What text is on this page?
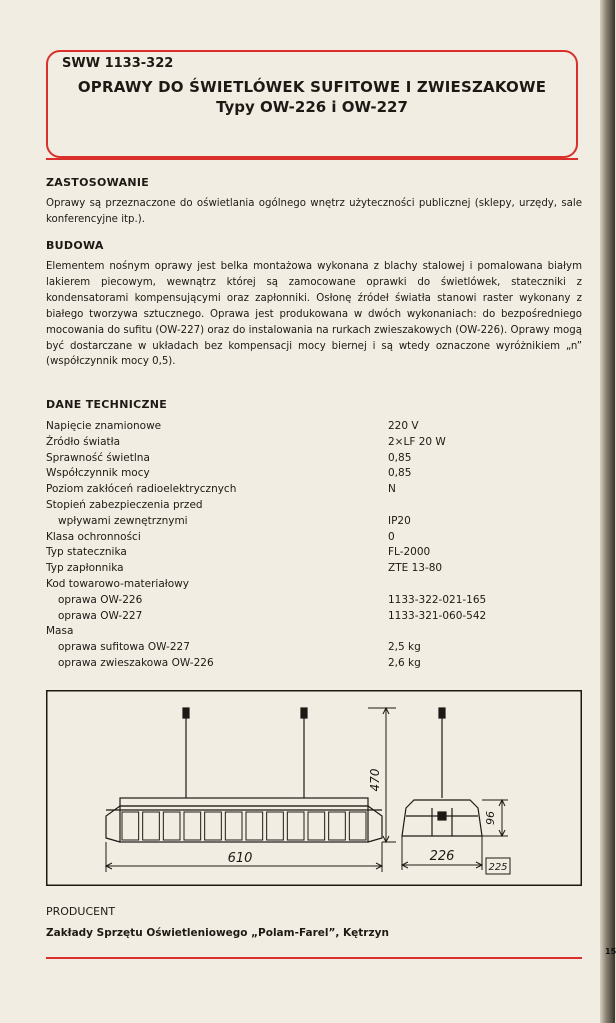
15
SWW 1133-322
OPRAWY DO ŚWIETLÓWEK SUFITOWE I ZWIESZAKOWE
Typy OW-226 i OW-227
ZASTOSOWANIE
Oprawy są przeznaczone do oświetlania ogólnego wnętrz użyteczności publicznej (sklepy, urzędy, sale konferencyjne itp.).
BUDOWA
Elementem nośnym oprawy jest belka montażowa wykonana z blachy stalowej i pomalowana białym lakierem piecowym, wewnątrz której są zamocowane oprawki do świetlówek, stateczniki z kondensatorami kompensującymi oraz zapłonniki. Osłonę źródeł światła stanowi raster wykonany z białego tworzywa sztucznego. Oprawa jest produkowana w dwóch wykonaniach: do bezpośredniego mocowania do sufitu (OW-227) oraz do instalowania na rurkach zwieszakowych (OW-226). Oprawy mogą być dostarczane w układach bez kompensacji mocy biernej i są wtedy oznaczone wyróżnikiem „n” (współczynnik mocy 0,5).
DANE TECHNICZNE
Napięcie znamionowe	220 V
Źródło światła	2×LF 20 W
Sprawność świetlna	0,85
Współczynnik mocy	0,85
Poziom zakłóceń radioelektrycznych	N
Stopień zabezpieczenia przed
wpływami zewnętrznymi	IP20
Klasa ochronności	0
Typ statecznika	FL-2000
Typ zapłonnika	ZTE 13-80
Kod towarowo-materiałowy
oprawa OW-226	1133-322-021-165
oprawa OW-227	1133-321-060-542
Masa
oprawa sufitowa OW-227	2,5 kg
oprawa zwieszakowa OW-226	2,6 kg
470
610	226
96
225
PRODUCENT
Zakłady Sprzętu Oświetleniowego „Polam-Farel”, Kętrzyn
